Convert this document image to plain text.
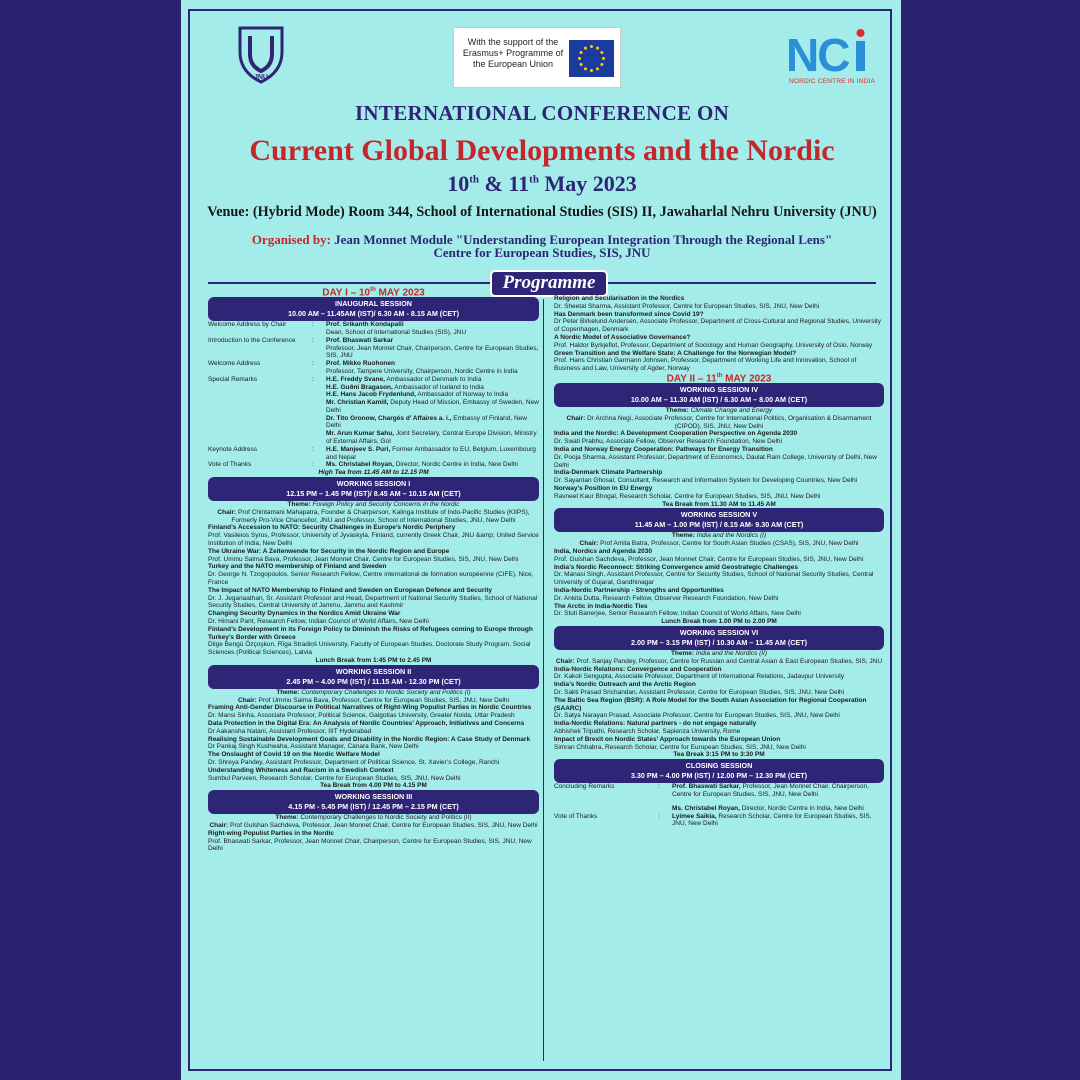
JNU
With the support of the Erasmus+ Programme of the European Union	NC
NORDIC CENTRE IN INDIA
INTERNATIONAL CONFERENCE ON
Current Global Developments and the Nordic
10th & 11th May 2023
Venue: (Hybrid Mode) Room 344, School of International Studies (SIS) II, Jawaharlal Nehru University (JNU)
Organised by: Jean Monnet Module "Understanding European Integration Through the Regional Lens"
Centre for European Studies, SIS, JNU
Programme
DAY I – 10th MAY 2023
INAUGURAL SESSION
10.00 AM – 11.45AM (IST)/ 6.30 AM - 8.15 AM (CET)
Welcome Address by Chair	:	Prof. Srikanth Kondapalli
Dean, School of International Studies (SIS), JNU
Introduction to the Conference	:	Prof. Bhaswati Sarkar
Professor, Jean Monnet Chair, Chairperson, Centre for European Studies, SIS, JNU
Welcome Address	:	Prof. Mikko Ruohonen
Professor, Tampere University, Chairperson, Nordic Centre in India
Special Remarks	:	H.E. Freddy Svane, Ambassador of Denmark to India
H.E. Guðni Bragason, Ambassador of Iceland to India
H.E. Hans Jacob Frydenlund, Ambassador of Norway to India
Mr. Christian Kamill, Deputy Head of Mission, Embassy of Sweden, New Delhi
Dr. Tito Gronow, Chargés d’ Affaires a. i., Embassy of Finland, New Delhi
Mr. Arun Kumar Sahu, Joint Secretary, Central Europe Division, Ministry of External Affairs, GoI
Keynote Address	:	H.E. Manjeev S. Puri, Former Ambassador to EU, Belgium, Luxembourg and Nepal
Vote of Thanks	:	Ms. Christabel Royan, Director, Nordic Centre in India, New Delhi
High Tea from 11.45 AM to 12.15 PM
WORKING SESSION I
12.15 PM – 1.45 PM (IST)/ 8.45 AM – 10.15 AM (CET)
Theme: Foreign Policy and Security Concerns in the Nordic
Chair: Prof Chintamani Mahapatra, Founder & Chairperson, Kalinga Institute of Indo-Pacific Studies (KIIPS), Formerly Pro-Vice Chancellor, JNU and Professor, School of International Studies, JNU, New Delhi
Finland’s Accession to NATO: Security Challenges in Europe’s Nordic Periphery
Prof. Vasileios Syros, Professor, University of Jyvaskyla, Finland, currently Greek Chair, JNU &amp; United Service Institution of India, New Delhi
The Ukraine War: A Zeitenwende for Security in the Nordic Region and Europe
Prof. Ummu Salma Bava, Professor, Jean Monnet Chair, Centre for European Studies, SIS, JNU, New Delhi
Turkey and the NATO membership of Finland and Sweden
Dr. George N. Tzogopoulos, Senior Research Fellow, Centre international de formation européenne (CIFE), Nice, France
The Impact of NATO Membership to Finland and Sweden on European Defence and Security
Dr. J. Jeganaathan, Sr. Assistant Professor and Head, Department of National Security Studies, School of National Security Studies, Central University of Jammu, Jammu and Kashmir
Changing Security Dynamics in the Nordics Amid Ukraine War
Dr. Himani Pant, Research Fellow, Indian Council of World Affairs, New Delhi
Finland’s Development in its Foreign Policy to Diminish the Risks of Refugees coming to Europe through Turkey’s Border with Greece
Dilge Bengü Özçoşkun, Rīga Stradiņš University, Faculty of European Studies, Doctorate Study Program, Social Sciences (Political Sciences), Latvia
Lunch Break from 1:45 PM to 2.45 PM
WORKING SESSION II
2.45 PM – 4.00 PM (IST) / 11.15 AM - 12.30 PM (CET)
Theme: Contemporary Challenges to Nordic Society and Politics (I)
Chair: Prof Ummu Salma Bava, Professor, Centre for European Studies, SIS, JNU, New Delhi
Framing Anti-Gender Discourse in Political Narratives of Right-Wing Populist Parties in Nordic Countries
Dr. Mansi Sinha, Associate Professor, Political Science, Galgotias University, Greater Noida, Uttar Pradesh
Data Protection in the Digital Era: An Analysis of Nordic Countries’ Approach, Initiatives and Concerns
Dr Aakansha Natani, Assistant Professor, IIIT Hyderabad
Realising Sustainable Development Goals and Disability in the Nordic Region: A Case Study of Denmark
Dr Pankaj Singh Kushwaha, Assistant Manager, Canara Bank, New Delhi
The Onslaught of Covid 19 on the Nordic Welfare Model
Dr. Shreya Pandey, Assistant Professor, Department of Political Science, St. Xavier’s College, Ranchi
Understanding Whiteness and Racism in a Swedish Context
Sumbul Parveen, Research Scholar, Centre for European Studies, SIS, JNU, New Delhi
Tea Break from 4.00 PM to 4.15 PM
WORKING SESSION III
4.15 PM - 5.45 PM (IST) / 12.45 PM – 2.15 PM (CET)
Theme: Contemporary Challenges to Nordic Society and Politics (II)
Chair: Prof Gulshan Sachdeva, Professor, Jean Monnet Chair, Centre for European Studies, SIS, JNU, New Delhi
Right-wing Populist Parties in the Nordic
Prof. Bhaswati Sarkar, Professor, Jean Monnet Chair, Chairperson, Centre for European Studies, SIS, JNU, New Delhi
Religion and Secularisation in the Nordics
Dr. Sheetal Sharma, Assistant Professor, Centre for European Studies, SIS, JNU, New Delhi
Has Denmark been transformed since Covid 19?
Dr Peter Birkelund Andersen, Associate Professor, Department of Cross-Cultural and Regional Studies, University of Copenhagen, Denmark
A Nordic Model of Associative Governance?
Prof. Haldor Byrkjeflot, Professor, Department of Sociology and Human Geography, University of Oslo, Norway
Green Transition and the Welfare State: A Challenge for the Norwegian Model?
Prof. Hans Christian Garmann Johnsen, Professor, Department of Working Life and Innovation, School of Business and Law, University of Agder, Norway
DAY II – 11th MAY 2023
WORKING SESSION IV
10.00 AM – 11.30 AM (IST) / 6.30 AM – 8.00 AM (CET)
Theme: Climate Change and Energy
Chair: Dr Archna Negi, Associate Professor, Centre for International Politics, Organisation & Disarmament (CIPOD), SIS, JNU, New Delhi
India and the Nordic: A Development Cooperation Perspective on Agenda 2030
Dr. Swati Prabhu, Associate Fellow, Observer Research Foundation, New Delhi
India and Norway Energy Cooperation: Pathways for Energy Transition
Dr. Pooja Sharma, Assistant Professor, Department of Economics, Daulat Ram College, University of Delhi, New Delhi
India-Denmark Climate Partnership
Dr. Sayantan Ghosal, Consultant, Research and Information System for Developing Countries, New Delhi
Norway’s Position in EU Energy
Ravneet Kaur Bhogal, Research Scholar, Centre for European Studies, SIS, JNU, New Delhi
Tea Break from 11.30 AM to 11.45 AM
WORKING SESSION V
11.45 AM – 1.00 PM (IST) / 8.15 AM- 9.30 AM (CET)
Theme: India and the Nordics (I)
Chair: Prof Amita Batra, Professor, Centre for South Asian Studies (CSAS), SIS, JNU, New Delhi
India, Nordics and Agenda 2030
Prof. Gulshan Sachdeva, Professor, Jean Monnet Chair, Centre for European Studies, SIS, JNU, New Delhi
India’s Nordic Reconnect: Striking Convergence amid Geostrategic Challenges
Dr. Manasi Singh, Assistant Professor, Centre for Security Studies, School of National Security Studies, Central University of Gujarat, Gandhinagar
India-Nordic Partnership - Strengths and Opportunities
Dr. Ankita Dutta, Research Fellow, Observer Research Foundation, New Delhi
The Arctic in India-Nordic Ties
Dr. Stuti Banerjee, Senior Research Fellow, Indian Council of World Affairs, New Delhi
Lunch Break from 1.00 PM to 2.00 PM
WORKING SESSION VI
2.00 PM – 3.15 PM (IST) / 10.30 AM – 11.45 AM (CET)
Theme: India and the Nordics (II)
Chair: Prof. Sanjay Pandey, Professor, Centre for Russian and Central Asian & East European Studies, SIS, JNU
India-Nordic Relations: Convergence and Cooperation
Dr. Kakoli Sengupta, Associate Professor, Department of International Relations, Jadavpur University
India’s Nordic Outreach and the Arctic Region
Dr. Sakti Prasad Srichandan, Assistant Professor, Centre for European Studies, SIS, JNU, New Delhi
The Baltic Sea Region (BSR): A Role Model for the South Asian Association for Regional Cooperation (SAARC)
Dr. Satya Narayan Prasad, Associate Professor, Centre for European Studies, SIS, JNU, New Delhi
India-Nordic Relations: Natural partners - do not engage naturally
Abhishek Tripathi, Research Scholar, Sapienza University, Rome
Impact of Brexit on Nordic States’ Approach towards the European Union
Simran Chhabra, Research Scholar, Centre for European Studies, SIS, JNU, New Delhi
Tea Break 3:15 PM to 3:30 PM
CLOSING SESSION
3.30 PM – 4.00 PM (IST) / 12.00 PM – 12.30 PM (CET)
Concluding Remarks	:	Prof. Bhaswati Sarkar, Professor, Jean Monnet Chair, Chairperson, Centre for European Studies, SIS, JNU, New Delhi
Ms. Christabel Royan, Director, Nordic Centre in India, New Delhi
Vote of Thanks	:	Lyimee Saikia, Research Scholar, Centre for European Studies, SIS, JNU, New Delhi
